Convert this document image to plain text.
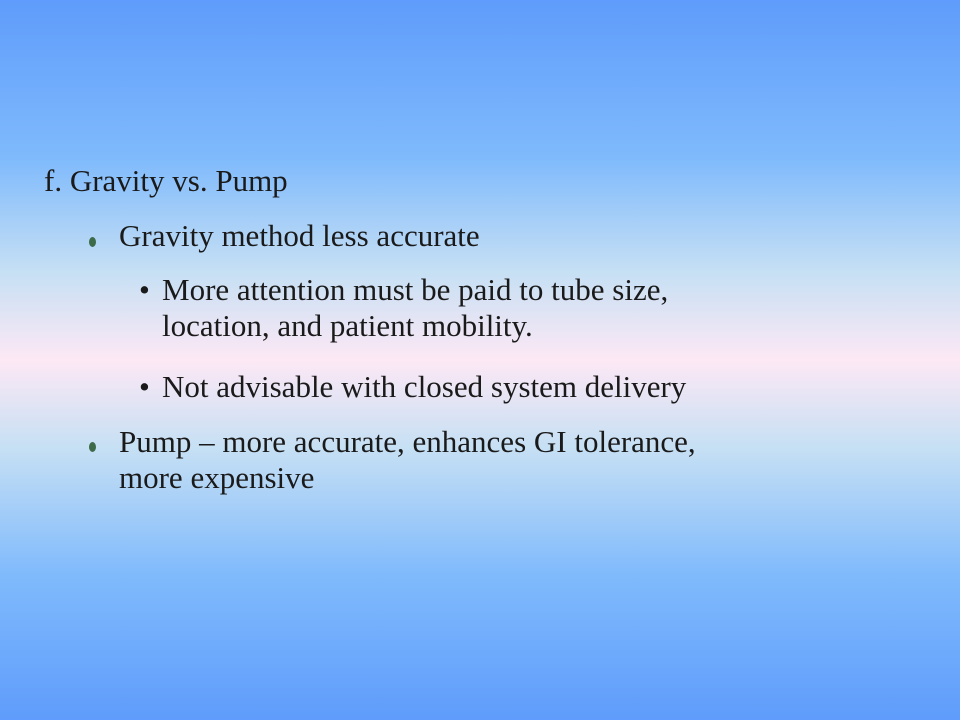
f. Gravity vs. Pump
Gravity method less accurate
• More attention must be paid to tube size,
location, and patient mobility.
• Not advisable with closed system delivery
Pump – more accurate, enhances GI tolerance,
more expensive
